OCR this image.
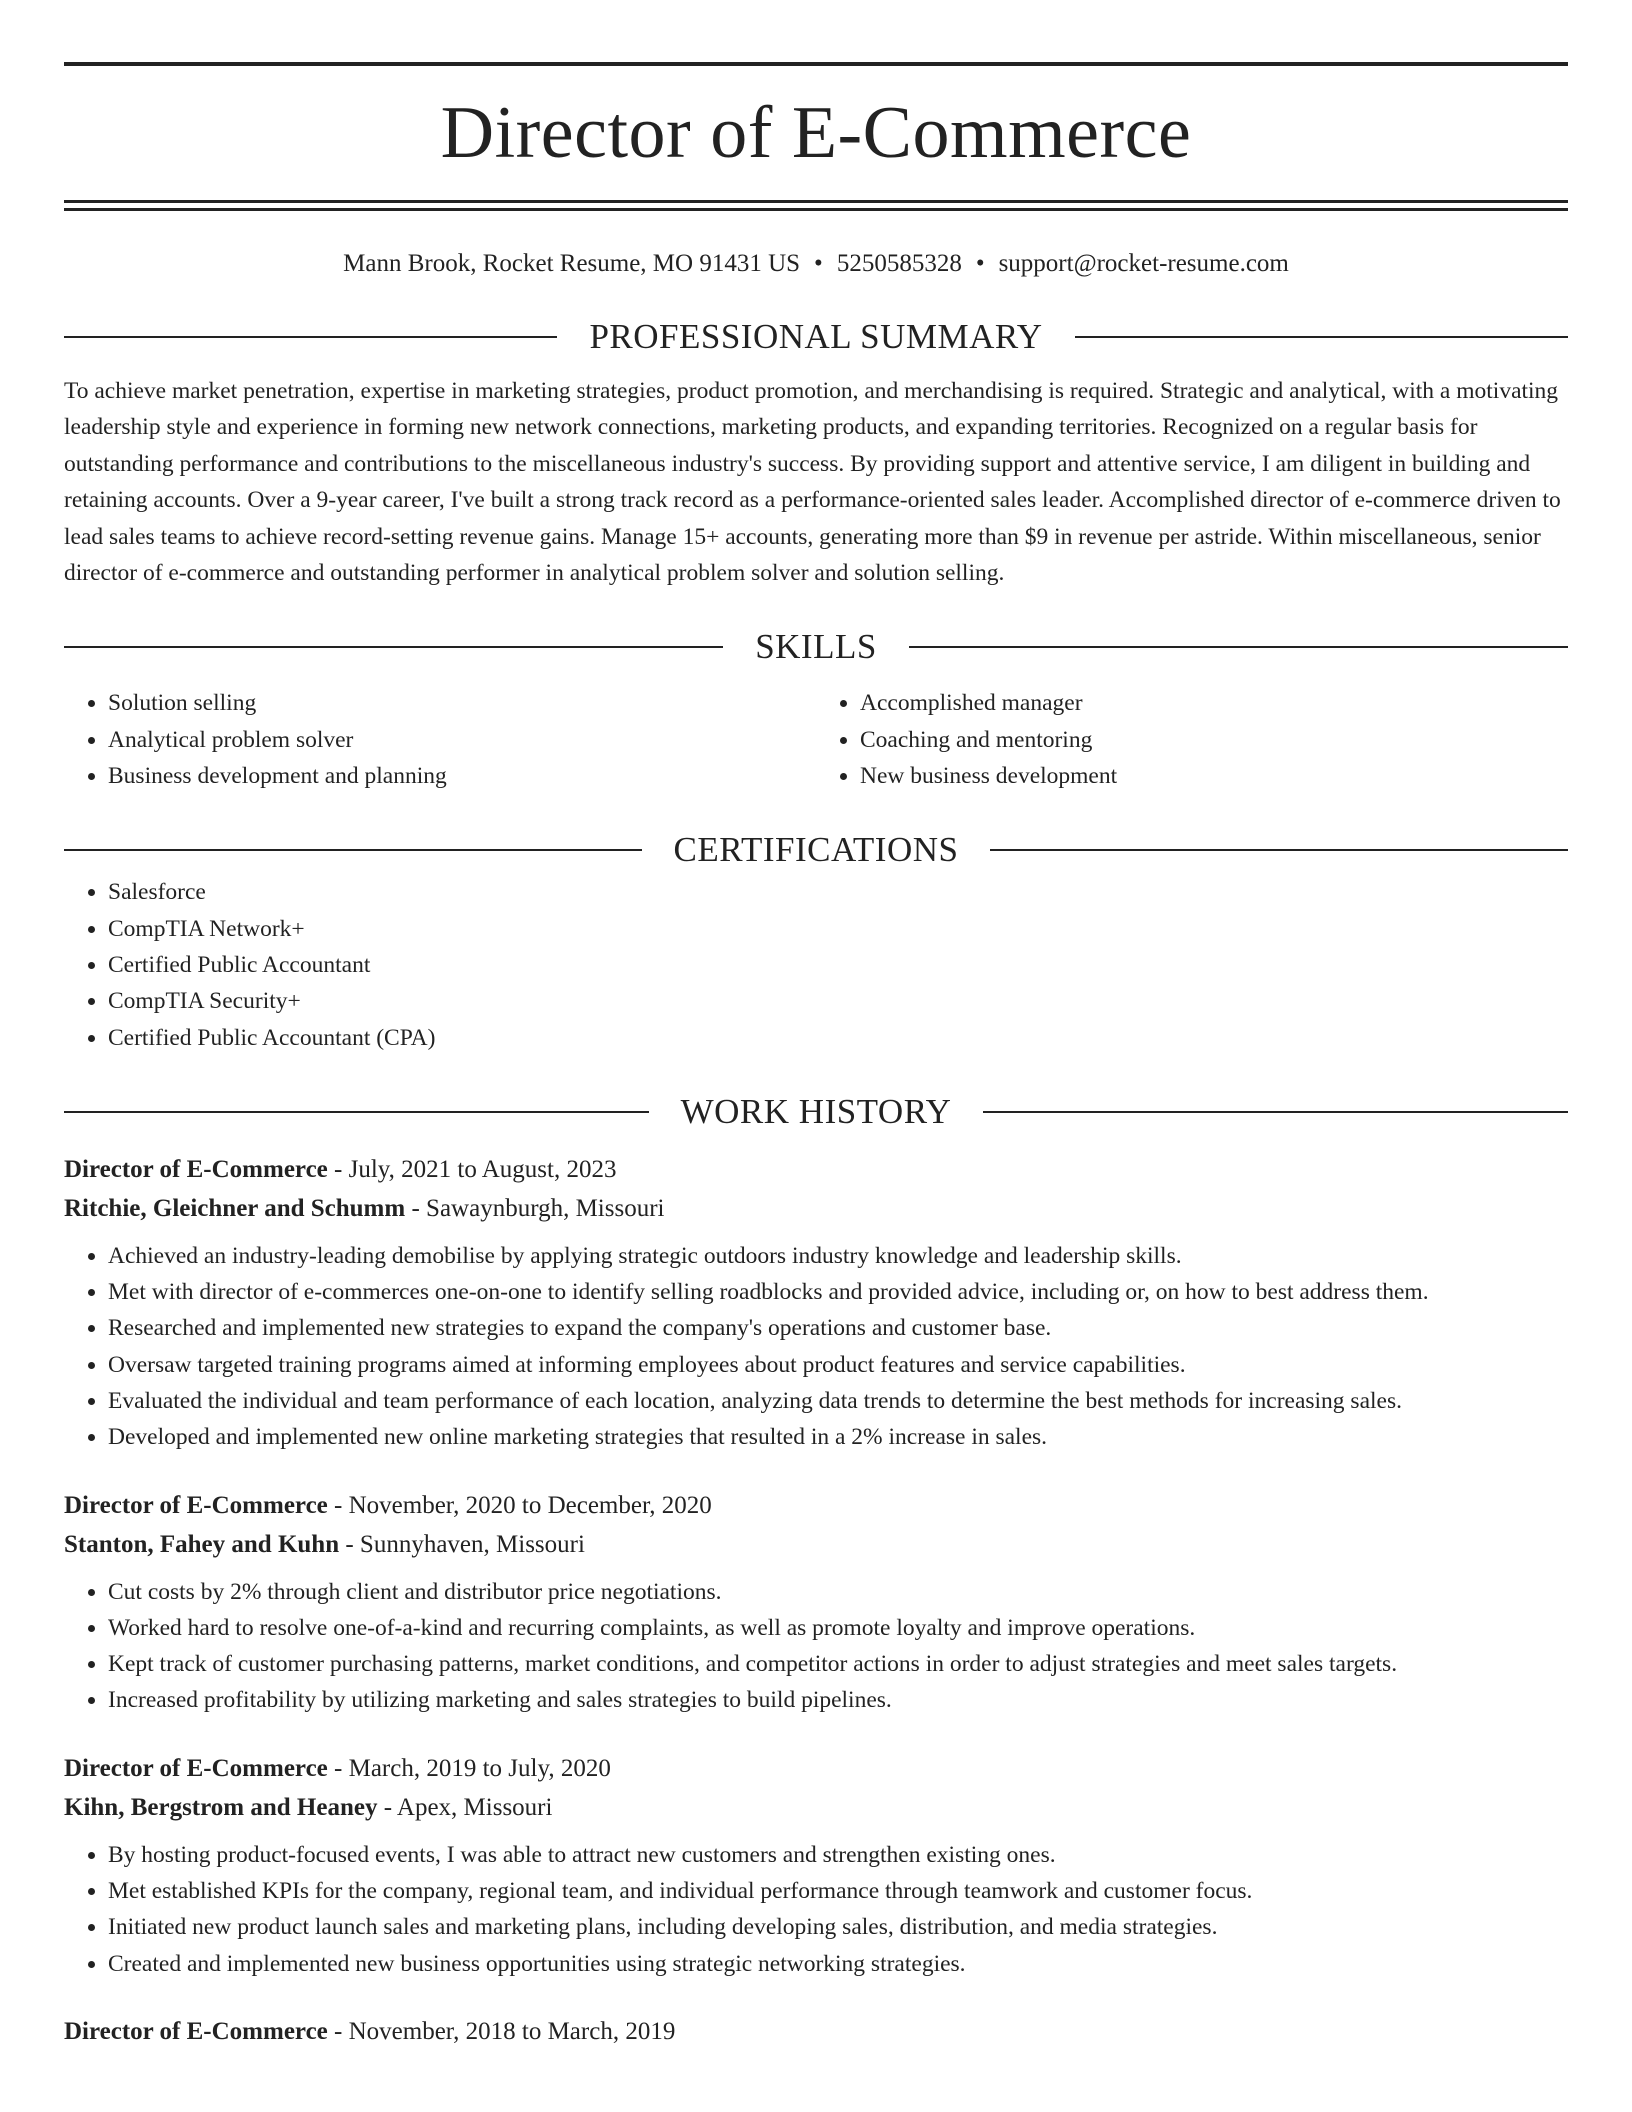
Director of E-Commerce
Mann Brook, Rocket Resume, MO 91431 US • 5250585328 • support@rocket-resume.com
PROFESSIONAL SUMMARY
To achieve market penetration, expertise in marketing strategies, product promotion, and merchandising is required. Strategic and analytical, with a motivating leadership style and experience in forming new network connections, marketing products, and expanding territories. Recognized on a regular basis for outstanding performance and contributions to the miscellaneous industry's success. By providing support and attentive service, I am diligent in building and retaining accounts. Over a 9-year career, I've built a strong track record as a performance-oriented sales leader. Accomplished director of e-commerce driven to lead sales teams to achieve record-setting revenue gains. Manage 15+ accounts, generating more than $9 in revenue per astride. Within miscellaneous, senior director of e-commerce and outstanding performer in analytical problem solver and solution selling.
SKILLS
• Solution selling
• Analytical problem solver
• Business development and planning
• Accomplished manager
• Coaching and mentoring
• New business development
CERTIFICATIONS
• Salesforce
• CompTIA Network+
• Certified Public Accountant
• CompTIA Security+
• Certified Public Accountant (CPA)
WORK HISTORY
Director of E-Commerce - July, 2021 to August, 2023
Ritchie, Gleichner and Schumm - Sawaynburgh, Missouri
• Achieved an industry-leading demobilise by applying strategic outdoors industry knowledge and leadership skills.
• Met with director of e-commerces one-on-one to identify selling roadblocks and provided advice, including or, on how to best address them.
• Researched and implemented new strategies to expand the company's operations and customer base.
• Oversaw targeted training programs aimed at informing employees about product features and service capabilities.
• Evaluated the individual and team performance of each location, analyzing data trends to determine the best methods for increasing sales.
• Developed and implemented new online marketing strategies that resulted in a 2% increase in sales.
Director of E-Commerce - November, 2020 to December, 2020
Stanton, Fahey and Kuhn - Sunnyhaven, Missouri
• Cut costs by 2% through client and distributor price negotiations.
• Worked hard to resolve one-of-a-kind and recurring complaints, as well as promote loyalty and improve operations.
• Kept track of customer purchasing patterns, market conditions, and competitor actions in order to adjust strategies and meet sales targets.
• Increased profitability by utilizing marketing and sales strategies to build pipelines.
Director of E-Commerce - March, 2019 to July, 2020
Kihn, Bergstrom and Heaney - Apex, Missouri
• By hosting product-focused events, I was able to attract new customers and strengthen existing ones.
• Met established KPIs for the company, regional team, and individual performance through teamwork and customer focus.
• Initiated new product launch sales and marketing plans, including developing sales, distribution, and media strategies.
• Created and implemented new business opportunities using strategic networking strategies.
Director of E-Commerce - November, 2018 to March, 2019
